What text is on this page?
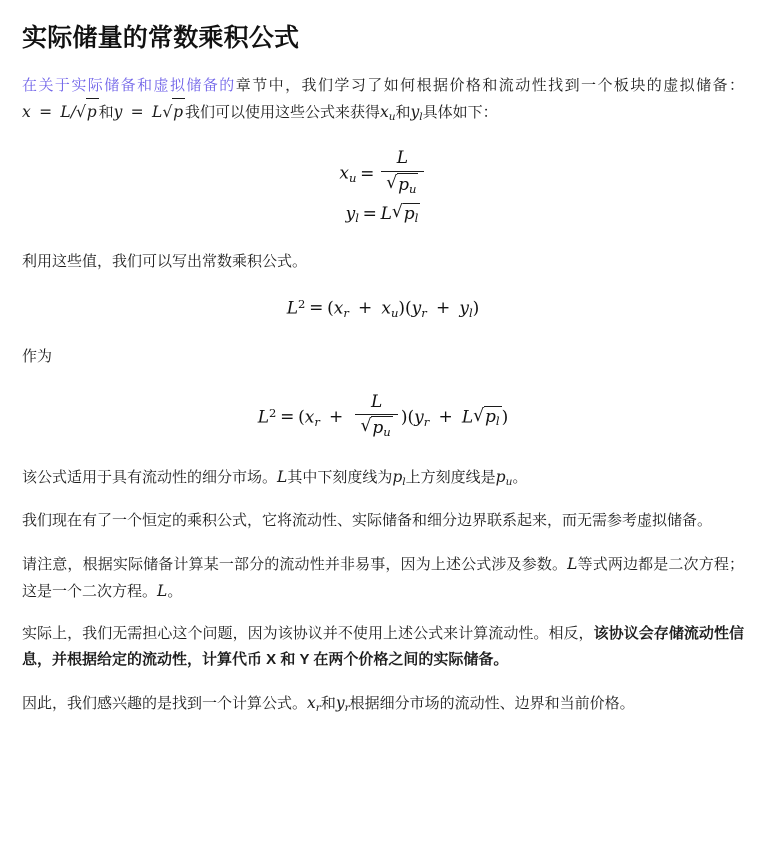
实际储量的常数乘积公式

在关于实际储备和虚拟储备的章节中，我们学习了如何根据价格和流动性找到一个板块的虚拟储备：x = L/ √ p 和y = L √ p 我们可以使用这些公式来获得$x_u$和$y_l$具体如下：

$x_u = L$
√ $p_u$
$y_l = L$ √ $p_l$

利用这些值，我们可以写出常数乘积公式。

$L^2 = (x_r + x_u)(y_r + y_l)$

作为

$L^2 = (x_r + L$
√ $p_u$ )($y_r + L$ √ $p_l$ )

该公式适用于具有流动性的细分市场。L其中下刻度线为$p_l$上方刻度线是$p_u$。

我们现在有了一个恒定的乘积公式，它将流动性、实际储备和细分边界联系起来，而无需参考虚拟储备。

请注意，根据实际储备计算某一部分的流动性并非易事，因为上述公式涉及参数。L等式两边都是二次方程；这是一个二次方程。L。

实际上，我们无需担心这个问题，因为该协议并不使用上述公式来计算流动性。相反，该协议会存储流动性信息，并根据给定的流动性，计算代币 X 和 Y 在两个价格之间的实际储备。

因此，我们感兴趣的是找到一个计算公式。$x_r$和$y_r$根据细分市场的流动性、边界和当前价格。
